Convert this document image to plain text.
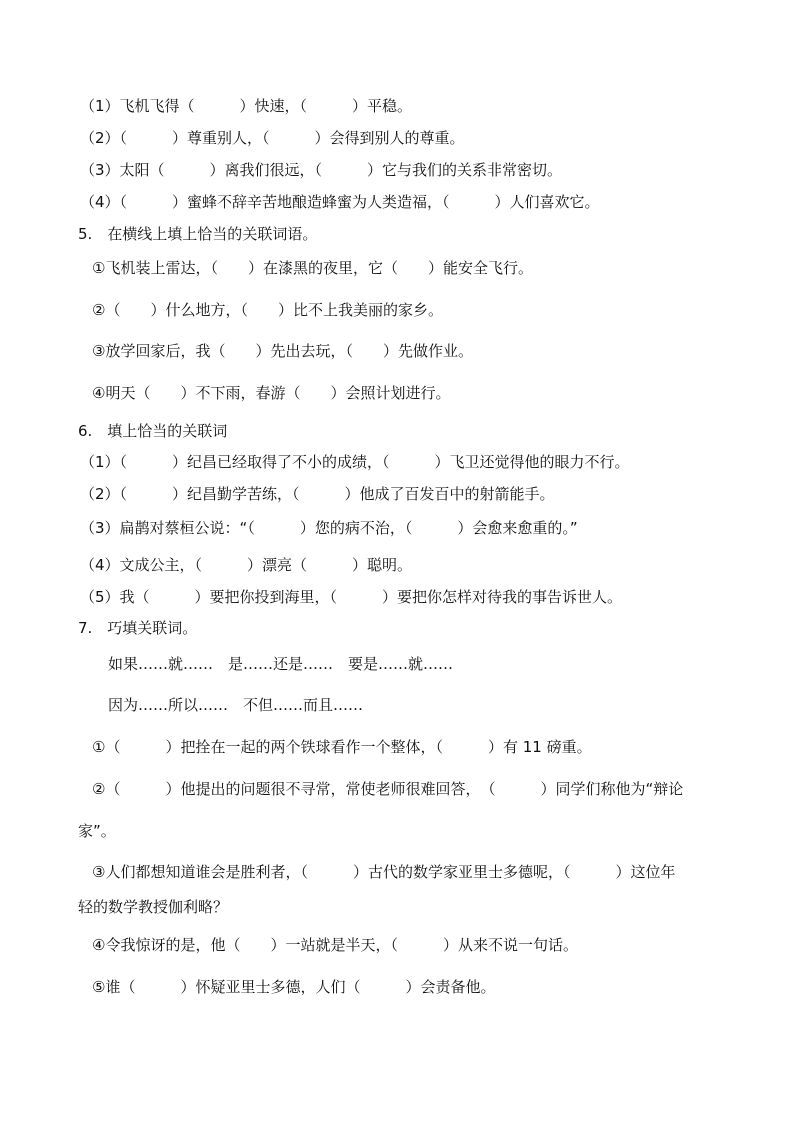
（1）飞机飞得（　　　）快速，（　　　）平稳。
（2）（　　　）尊重别人，（　　　）会得到别人的尊重。
（3）太阳（　　　）离我们很远，（　　　）它与我们的关系非常密切。
（4）（　　　）蜜蜂不辞辛苦地酿造蜂蜜为人类造福，（　　　）人们喜欢它。
5.　在横线上填上恰当的关联词语。
①飞机装上雷达，（　　）在漆黑的夜里，它（　　）能安全飞行。
②（　　）什么地方，（　　）比不上我美丽的家乡。
③放学回家后，我（　　）先出去玩，（　　）先做作业。
④明天（　　）不下雨，春游（　　）会照计划进行。
6.　填上恰当的关联词
（1）（　　　）纪昌已经取得了不小的成绩，（　　　）飞卫还觉得他的眼力不行。
（2）（　　　）纪昌勤学苦练，（　　　）他成了百发百中的射箭能手。
（3）扁鹊对蔡桓公说：“（　　　）您的病不治，（　　　）会愈来愈重的。”
（4）文成公主，（　　　）漂亮（　　　）聪明。
（5）我（　　　）要把你投到海里，（　　　）要把你怎样对待我的事告诉世人。
7.　巧填关联词。
如果……就……　是……还是……　要是……就……
因为……所以……　不但……而且……
①（　　　）把拴在一起的两个铁球看作一个整体，（　　　）有 11 磅重。
②（　　　）他提出的问题很不寻常，常使老师很难回答，　（　　　）同学们称他为“辩论
家”。
③人们都想知道谁会是胜利者，（　　　）古代的数学家亚里士多德呢，（　　　）这位年
轻的数学教授伽利略？
④令我惊讶的是，他（　　）一站就是半天，（　　　）从来不说一句话。
⑤谁（　　　）怀疑亚里士多德，人们（　　　）会责备他。
